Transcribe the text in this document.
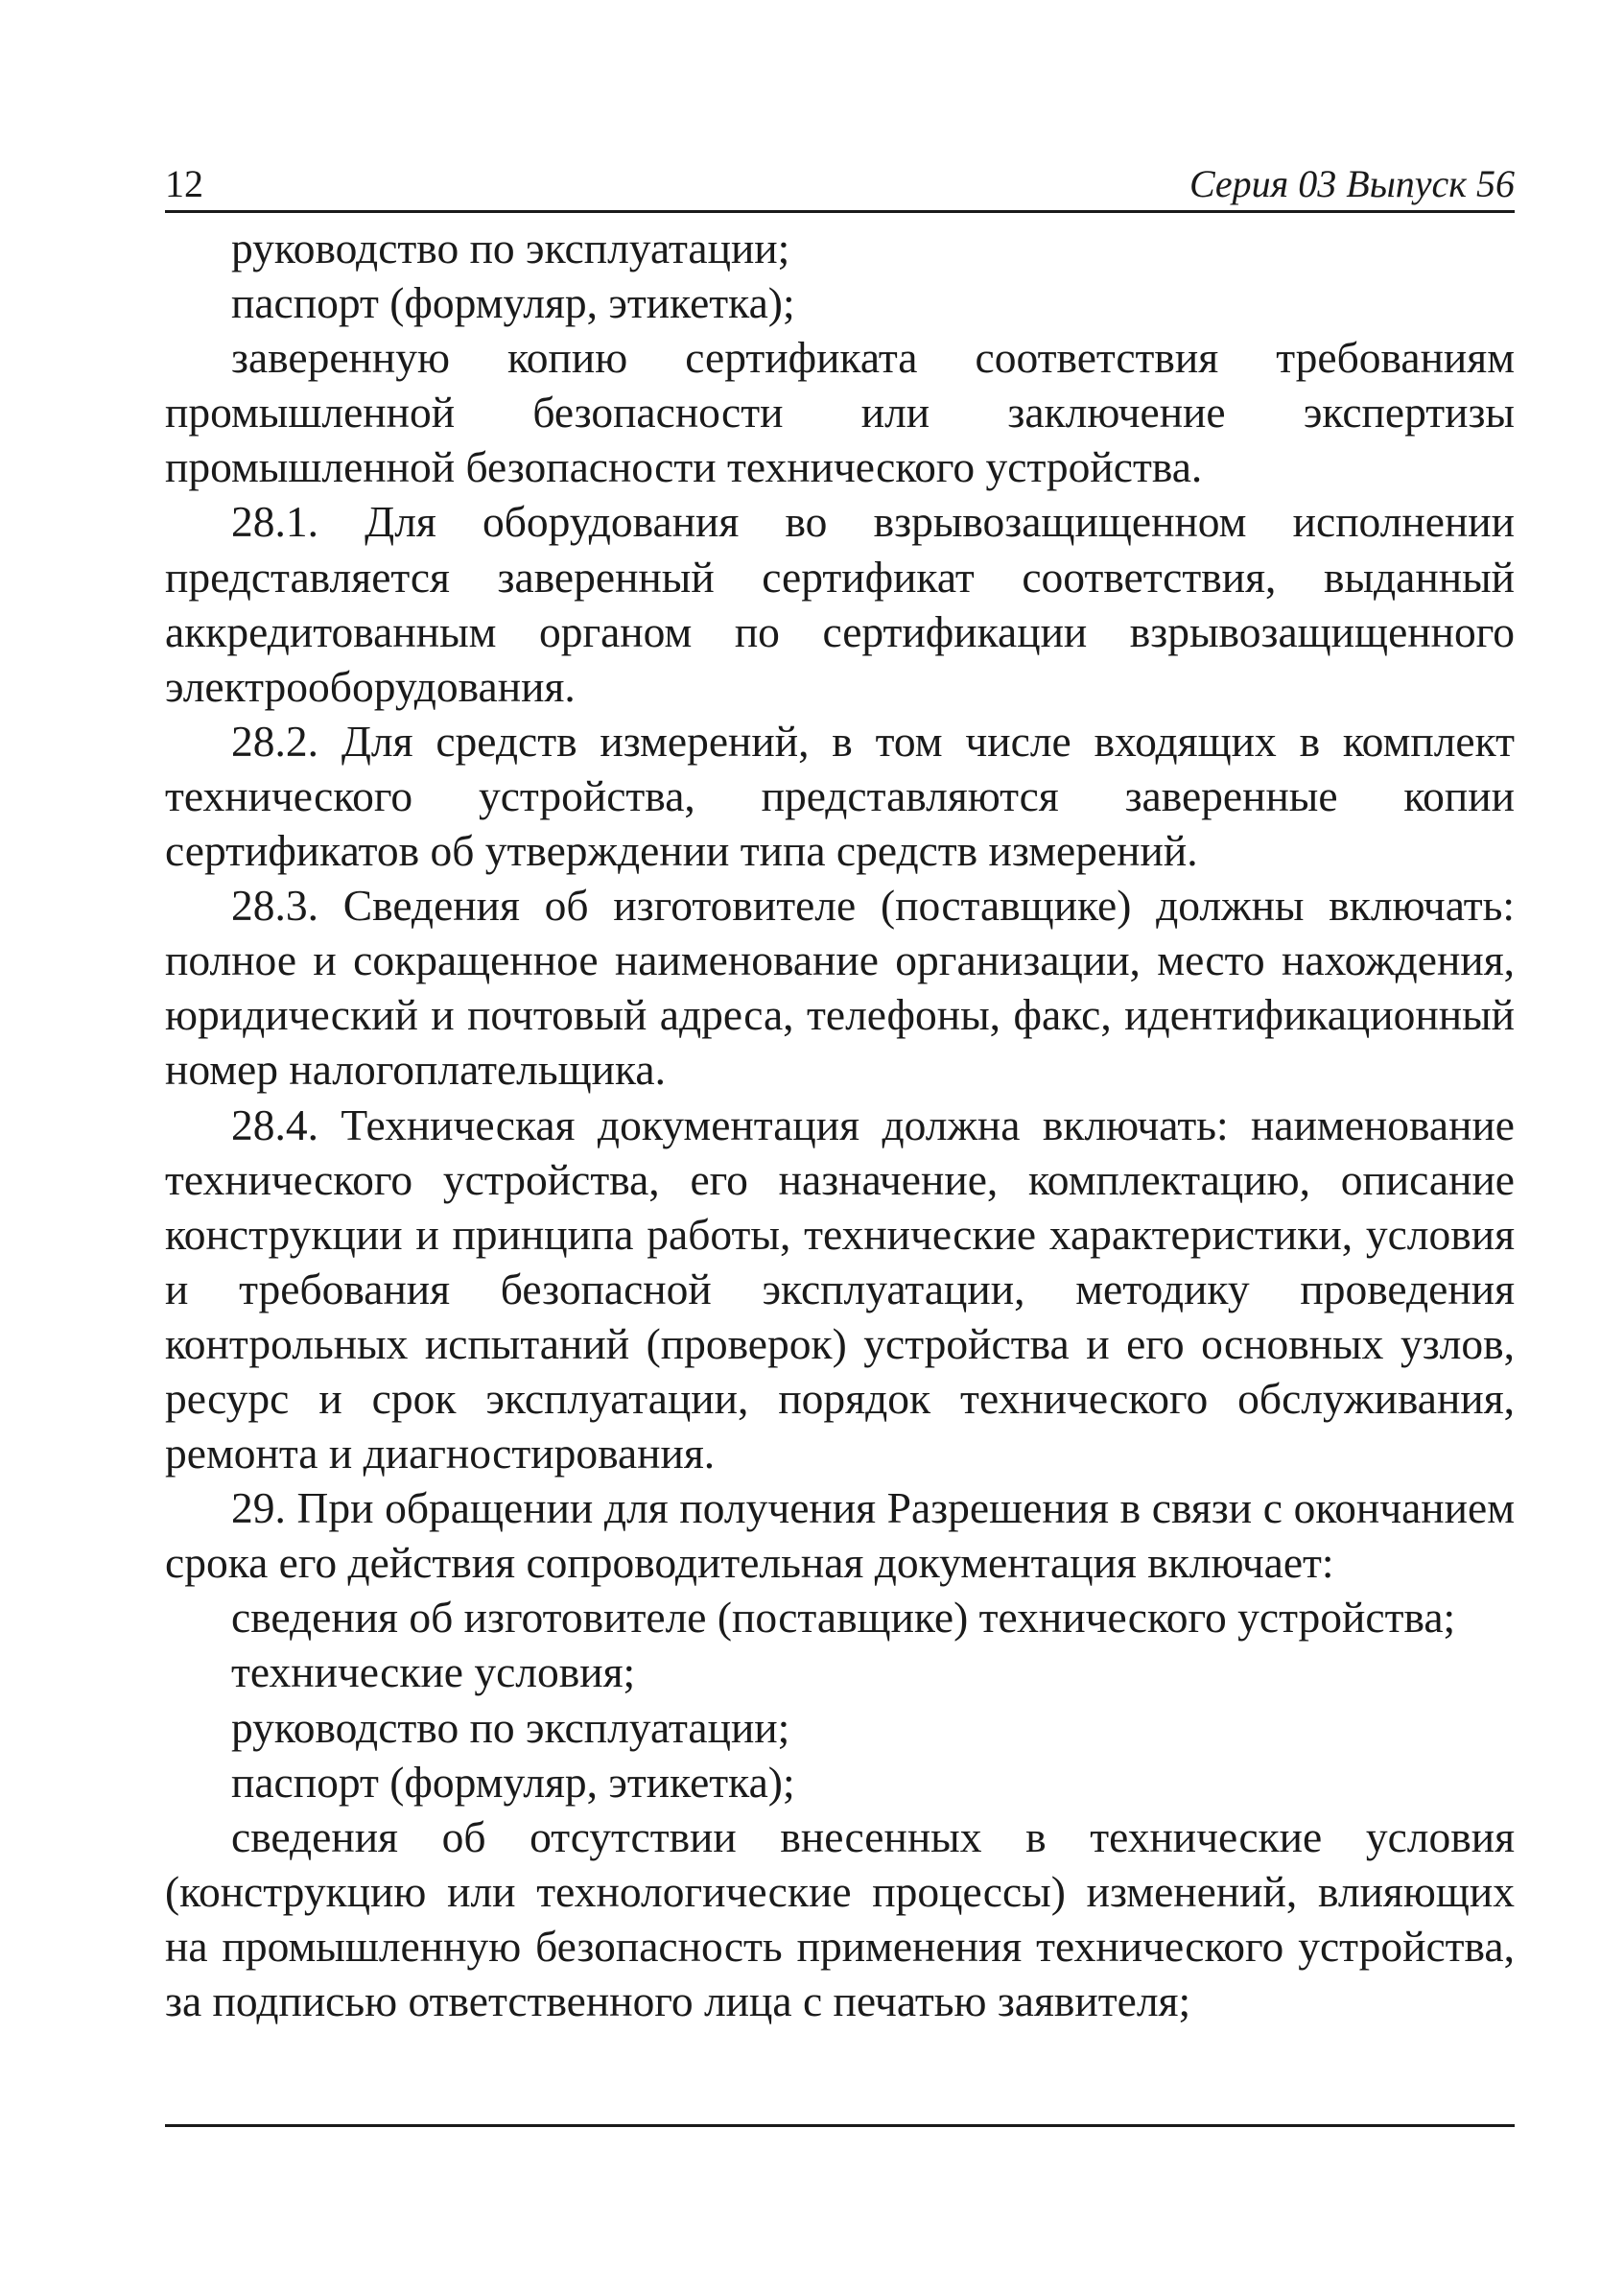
12	Серия 03 Выпуск 56

руководство по эксплуатации;

паспорт (формуляр, этикетка);

заверенную копию сертификата соответствия требованиям промышленной безопасности или заключение экспертизы промышленной безопасности технического устройства.

28.1. Для оборудования во взрывозащищенном исполнении представляется заверенный сертификат соответствия, выданный аккредитованным органом по сертификации взрывозащищенного электрооборудования.

28.2. Для средств измерений, в том числе входящих в комплект технического устройства, представляются заверенные копии сертификатов об утверждении типа средств измерений.

28.3. Сведения об изготовителе (поставщике) должны включать: полное и сокращенное наименование организации, место нахождения, юридический и почтовый адреса, телефоны, факс, идентификационный номер налогоплательщика.

28.4. Техническая документация должна включать: наименование технического устройства, его назначение, комплектацию, описание конструкции и принципа работы, технические характеристики, условия и требования безопасной эксплуатации, методику проведения контрольных испытаний (проверок) устройства и его основных узлов, ресурс и срок эксплуатации, порядок технического обслуживания, ремонта и диагностирования.

29. При обращении для получения Разрешения в связи с окончанием срока его действия сопроводительная документация включает:

сведения об изготовителе (поставщике) технического устройства;

технические условия;

руководство по эксплуатации;

паспорт (формуляр, этикетка);

сведения об отсутствии внесенных в технические условия (конструкцию или технологические процессы) изменений, влияющих на промышленную безопасность применения технического устройства, за подписью ответственного лица с печатью заявителя;
